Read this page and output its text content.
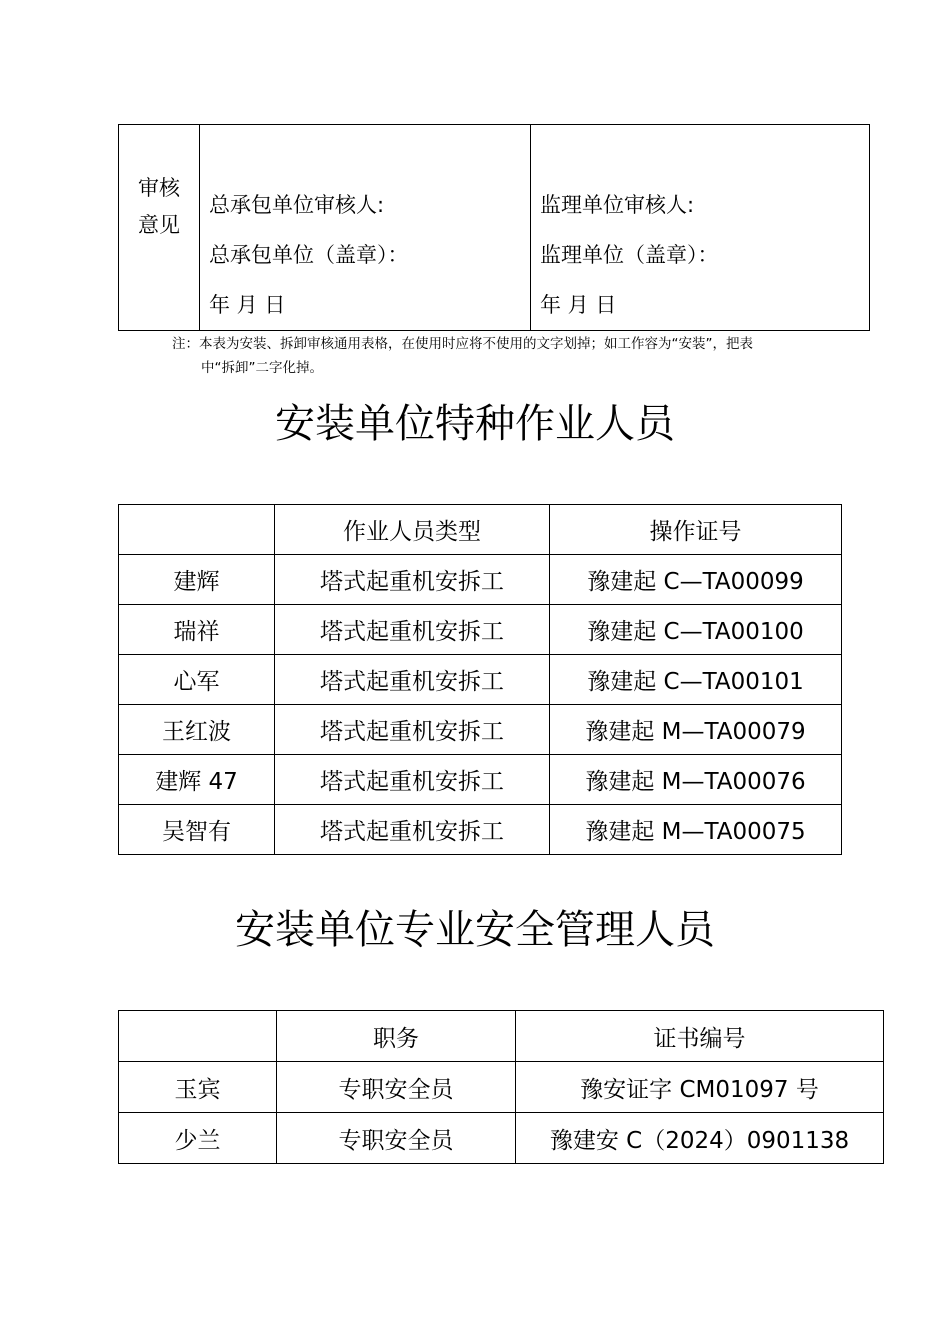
审核
意见

总承包单位审核人:
总承包单位（盖章）：
年 月 日

监理单位审核人:
监理单位（盖章）：
年 月 日
注：本表为安装、拆卸审核通用表格，在使用时应将不使用的文字划掉；如工作容为“安装”，把表
中“拆卸”二字化掉。
安装单位特种作业人员
	作业人员类型	操作证号
建辉	塔式起重机安拆工	豫建起 C—TA00099
瑞祥	塔式起重机安拆工	豫建起 C—TA00100
心军	塔式起重机安拆工	豫建起 C—TA00101
王红波	塔式起重机安拆工	豫建起 M—TA00079
建辉 47	塔式起重机安拆工	豫建起 M—TA00076
吴智有	塔式起重机安拆工	豫建起 M—TA00075
安装单位专业安全管理人员
	职务	证书编号
玉宾	专职安全员	豫安证字 CM01097 号
少兰	专职安全员	豫建安 C（2024）0901138
